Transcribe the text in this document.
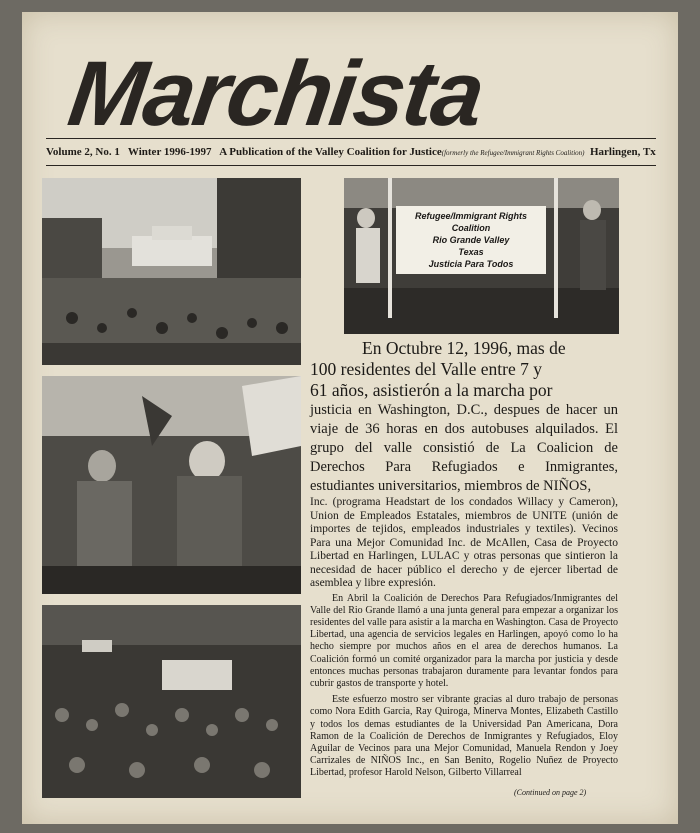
Marchista
Volume 2, No. 1 Winter 1996-1997 A Publication of the Valley Coalition for Justice(formerly the Refugee/Immigrant Rights Coalition) Harlingen, Tx
Refugee/Immigrant Rights
Coalition
Rio Grande Valley
Texas
Justicia Para Todos

En Octubre 12, 1996, mas de

100 residentes del Valle entre 7 y

61 años, asistierón a la marcha por

justicia en Washington, D.C., despues de hacer un viaje de 36 horas en dos autobuses alquilados. El grupo del valle consistió de La Coalicion de Derechos Para Refugiados e Inmigrantes, estudiantes universitarios, miembros de NIÑOS,

Inc. (programa Headstart de los condados Willacy y Cameron), Union de Empleados Estatales, miembros de UNITE (unión de importes de tejidos, empleados industriales y textiles). Vecinos Para una Mejor Comunidad Inc. de McAllen, Casa de Proyecto Libertad en Harlingen, LULAC y otras personas que sintieron la necesidad de hacer público el derecho y de ejercer libertad de asemblea y libre expresión.

En Abril la Coalición de Derechos Para Refugiados/Inmigrantes del Valle del Rio Grande llamó a una junta general para empezar a organizar los residentes del valle para asistir a la marcha en Washington. Casa de Proyecto Libertad, una agencia de servicios legales en Harlingen, apoyó como lo ha hecho siempre por muchos años en el area de derechos humanos. La Coalición formó un comité organizador para la marcha por justicia y desde entonces muchas personas trabajaron duramente para levantar fondos para cubrir gastos de transporte y hotel.

Este esfuerzo mostro ser vibrante gracias al duro trabajo de personas como Nora Edith Garcia, Ray Quiroga, Minerva Montes, Elizabeth Castillo y todos los demas estudiantes de la Universidad Pan Americana, Dora Ramon de la Coalición de Derechos de Inmigrantes y Refugiados, Eloy Aguilar de Vecinos para una Mejor Comunidad, Manuela Rendon y Joey Carrizales de NIÑOS Inc., en San Benito, Rogelio Nuñez de Proyecto Libertad, profesor Harold Nelson, Gilberto Villarreal

(Continued on page 2)
